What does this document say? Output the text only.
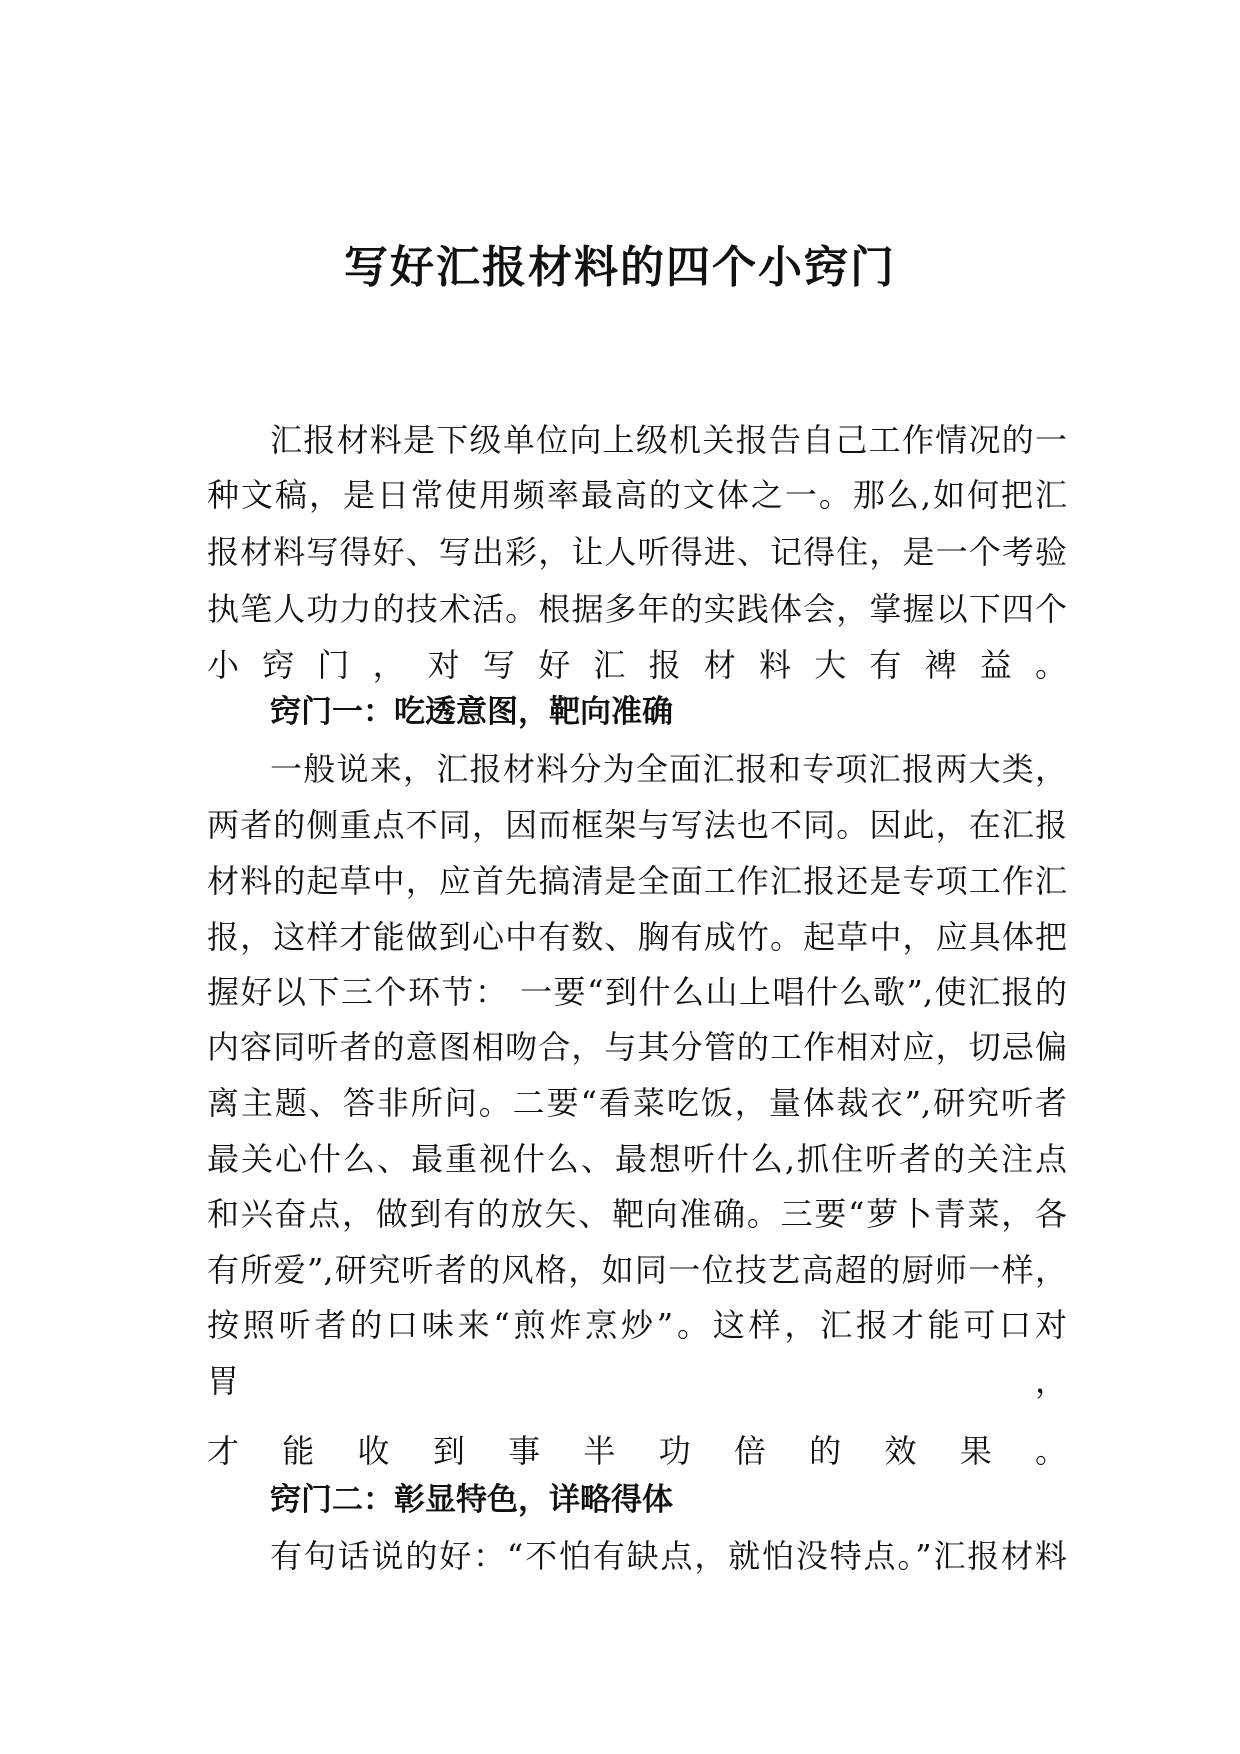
写好汇报材料的四个小窍门

汇报材料是下级单位向上级机关报告自己工作情况的一

种文稿，是日常使用频率最高的文体之一。那么,如何把汇

报材料写得好、写出彩，让人听得进、记得住，是一个考验

执笔人功力的技术活。根据多年的实践体会，掌握以下四个

小窍门，对写好汇报材料大有裨益。

窍门一：吃透意图，靶向准确

一般说来，汇报材料分为全面汇报和专项汇报两大类，

两者的侧重点不同，因而框架与写法也不同。因此，在汇报

材料的起草中，应首先搞清是全面工作汇报还是专项工作汇

报，这样才能做到心中有数、胸有成竹。起草中，应具体把

握好以下三个环节： 一要“到什么山上唱什么歌”,使汇报的

内容同听者的意图相吻合，与其分管的工作相对应，切忌偏

离主题、答非所问。二要“看菜吃饭，量体裁衣”,研究听者

最关心什么、最重视什么、最想听什么,抓住听者的关注点

和兴奋点，做到有的放矢、靶向准确。三要“萝卜青菜，各

有所爱”,研究听者的风格，如同一位技艺高超的厨师一样，

按照听者的口味来“煎炸烹炒”。这样，汇报才能可口对

胃，

才能收到事半功倍的效果。

窍门二：彰显特色，详略得体

有句话说的好：“不怕有缺点，就怕没特点。”汇报材料
